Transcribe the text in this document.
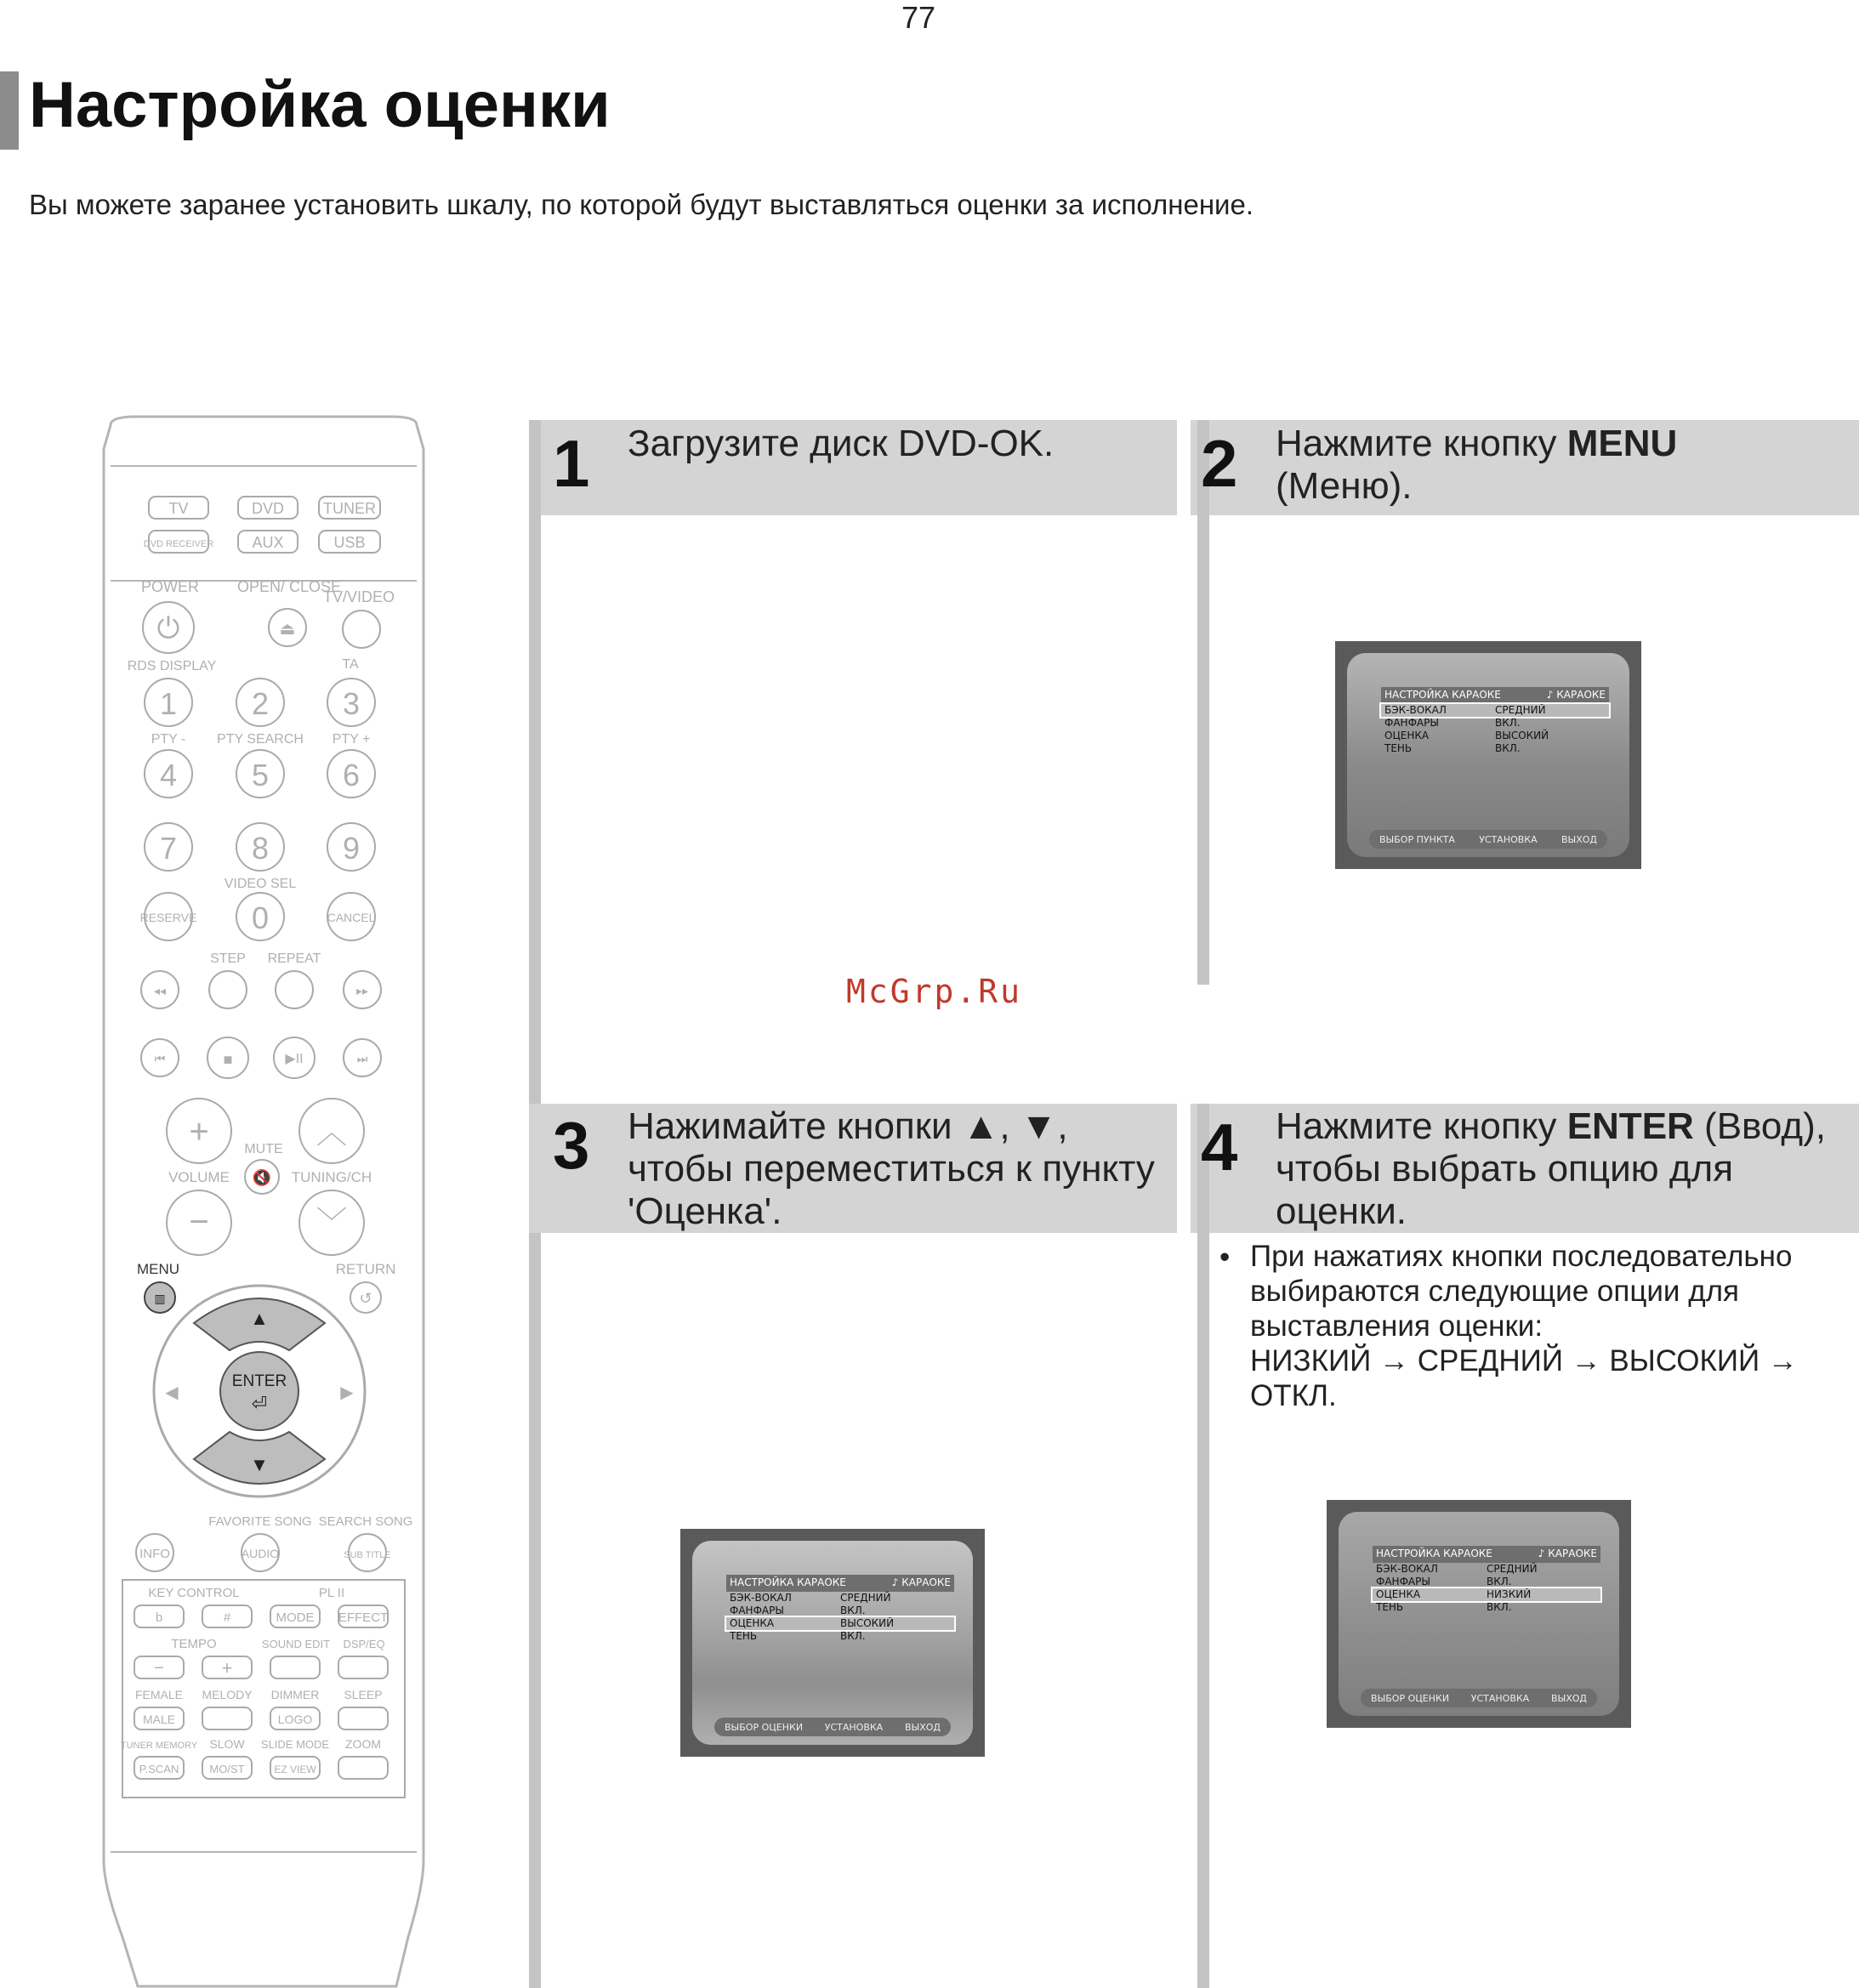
77
Настройка оценки
Вы можете заранее установить шкалу, по которой будут выставляться оценки за исполнение.
1 Загрузите диск DVD-OK.	2 Нажмите кнопку MENU
(Меню).
3 Нажимайте кнопки ▲, ▼, чтобы переместиться к пункту 'Оценка'.
4 Нажмите кнопку ENTER (Ввод), чтобы выбрать опцию для оценки.
• При нажатиях кнопки последовательно выбираются следующие опции для выставления оценки:
НИЗКИЙ → СРЕДНИЙ → ВЫСОКИЙ → ОТКЛ.
НАСТРОЙКА КАРАОКЕ	♪ КАРАОКЕ
БЭК-ВОКАЛ	СРЕДНИЙ
ФАНФАРЫ	ВКЛ.
ОЦЕНКА	ВЫСОКИЙ
ТЕНЬ	ВКЛ.
ВЫБОР ПУНКТА	УСТАНОВКА	ВЫХОД
НАСТРОЙКА КАРАОКЕ	♪ КАРАОКЕ
БЭК-ВОКАЛ	СРЕДНИЙ
ФАНФАРЫ	ВКЛ.
ОЦЕНКА	ВЫСОКИЙ
ТЕНЬ	ВКЛ.
ВЫБОР ОЦЕНКИ УСТАНОВКА ВЫХОД
НАСТРОЙКА КАРАОКЕ	♪ КАРАОКЕ
БЭК-ВОКАЛ	СРЕДНИЙ
ФАНФАРЫ	ВКЛ.
ОЦЕНКА	НИЗКИЙ
ТЕНЬ	ВКЛ.
ВЫБОР ОЦЕНКИ УСТАНОВКА ВЫХОД
McGrp.Ru
TV	DVD	TUNER
DVD RECEIVER	AUX	USB
POWER OPEN/ CLOSE
TV/VIDEO
⏻	⏏
RDS DISPLAY	TA
1 2 3
PTY - PTY SEARCH PTY +
4 5 6
7 8 9
VIDEO SEL
RESERVE 0	CANCEL
STEP REPEAT
◂◂	▸▸
⏮	■	▶II	⏭
+	︿
MUTE
🔇
VOLUME	TUNING/CH
−	﹀
MENU
▥
RETURN
↺
▲
▼
◀	▶
ENTER
⏎
FAVORITE SONG SEARCH SONG
INFO	AUDIO	SUB TITLE
KEY CONTROL	PL II
b	#	MODE EFFECT
TEMPO	SOUND EDIT DSP/EQ
−	+
FEMALE MELODY DIMMER SLEEP
MALE	LOGO
TUNER MEMORY SLOW SLIDE MODE ZOOM
P.SCAN	MO/ST	EZ VIEW
